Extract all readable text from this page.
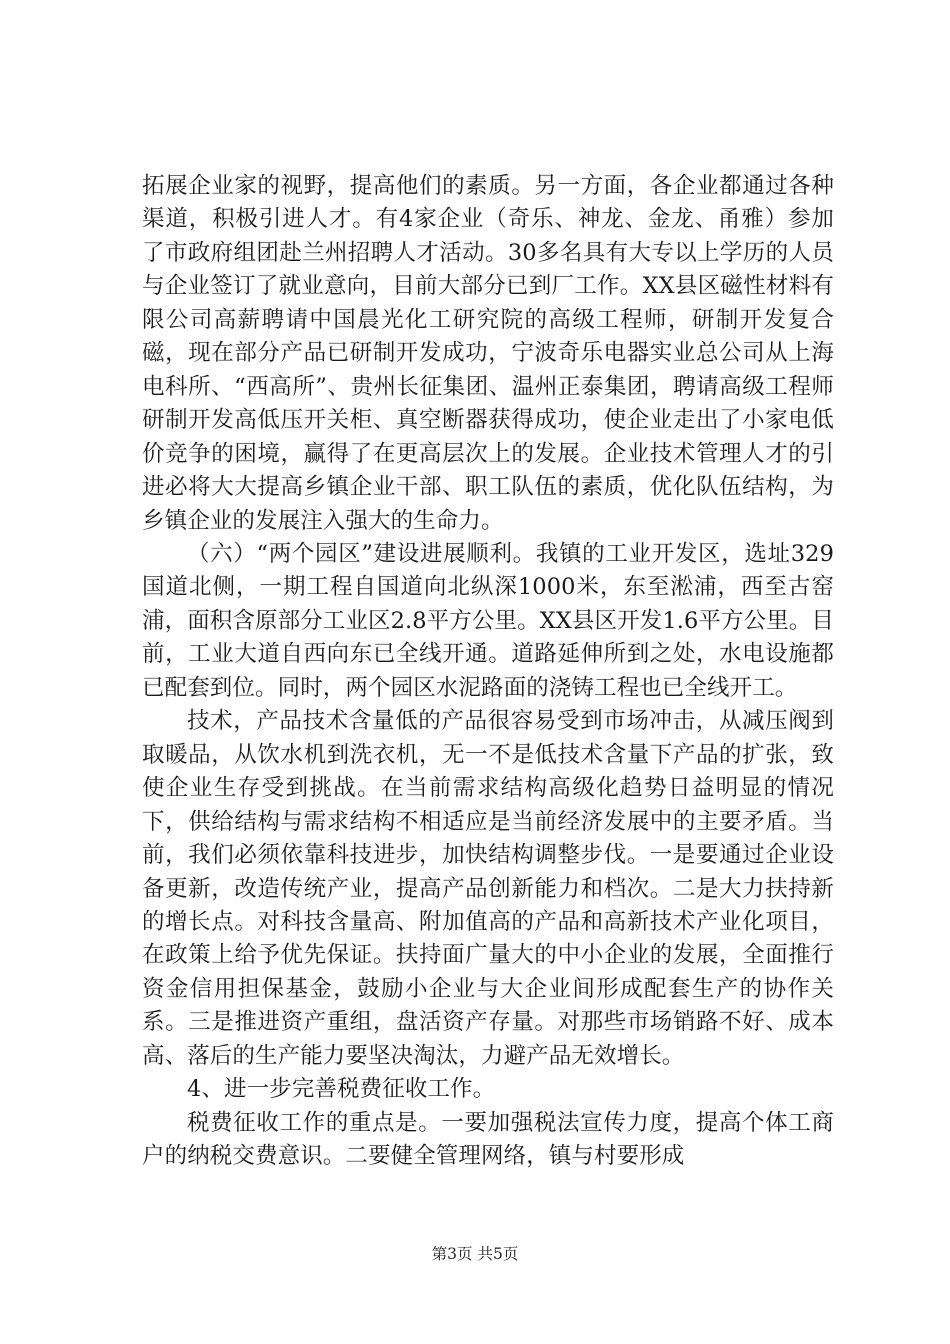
拓展企业家的视野，提高他们的素质。另一方面，各企业都通过各种渠道，积极引进人才。有4家企业（奇乐、神龙、金龙、甬雅）参加了市政府组团赴兰州招聘人才活动。30多名具有大专以上学历的人员与企业签订了就业意向，目前大部分已到厂工作。XX县区磁性材料有限公司高薪聘请中国晨光化工研究院的高级工程师，研制开发复合磁，现在部分产品已研制开发成功，宁波奇乐电器实业总公司从上海电科所、“西高所”、贵州长征集团、温州正泰集团，聘请高级工程师研制开发高低压开关柜、真空断器获得成功，使企业走出了小家电低价竞争的困境，赢得了在更高层次上的发展。企业技术管理人才的引进必将大大提高乡镇企业干部、职工队伍的素质，优化队伍结构，为乡镇企业的发展注入强大的生命力。

（六）“两个园区”建设进展顺利。我镇的工业开发区，选址329国道北侧，一期工程自国道向北纵深1000米，东至淞浦，西至古窑浦，面积含原部分工业区2.8平方公里。XX县区开发1.6平方公里。目前，工业大道自西向东已全线开通。道路延伸所到之处，水电设施都已配套到位。同时，两个园区水泥路面的浇铸工程也已全线开工。

技术，产品技术含量低的产品很容易受到市场冲击，从减压阀到取暖品，从饮水机到洗衣机，无一不是低技术含量下产品的扩张，致使企业生存受到挑战。在当前需求结构高级化趋势日益明显的情况下，供给结构与需求结构不相适应是当前经济发展中的主要矛盾。当前，我们必须依靠科技进步，加快结构调整步伐。一是要通过企业设备更新，改造传统产业，提高产品创新能力和档次。二是大力扶持新的增长点。对科技含量高、附加值高的产品和高新技术产业化项目，在政策上给予优先保证。扶持面广量大的中小企业的发展，全面推行资金信用担保基金，鼓励小企业与大企业间形成配套生产的协作关系。三是推进资产重组，盘活资产存量。对那些市场销路不好、成本高、落后的生产能力要坚决淘汰，力避产品无效增长。

4、进一步完善税费征收工作。

税费征收工作的重点是。一要加强税法宣传力度，提高个体工商户的纳税交费意识。二要健全管理网络，镇与村要形成

第3页 共5页
